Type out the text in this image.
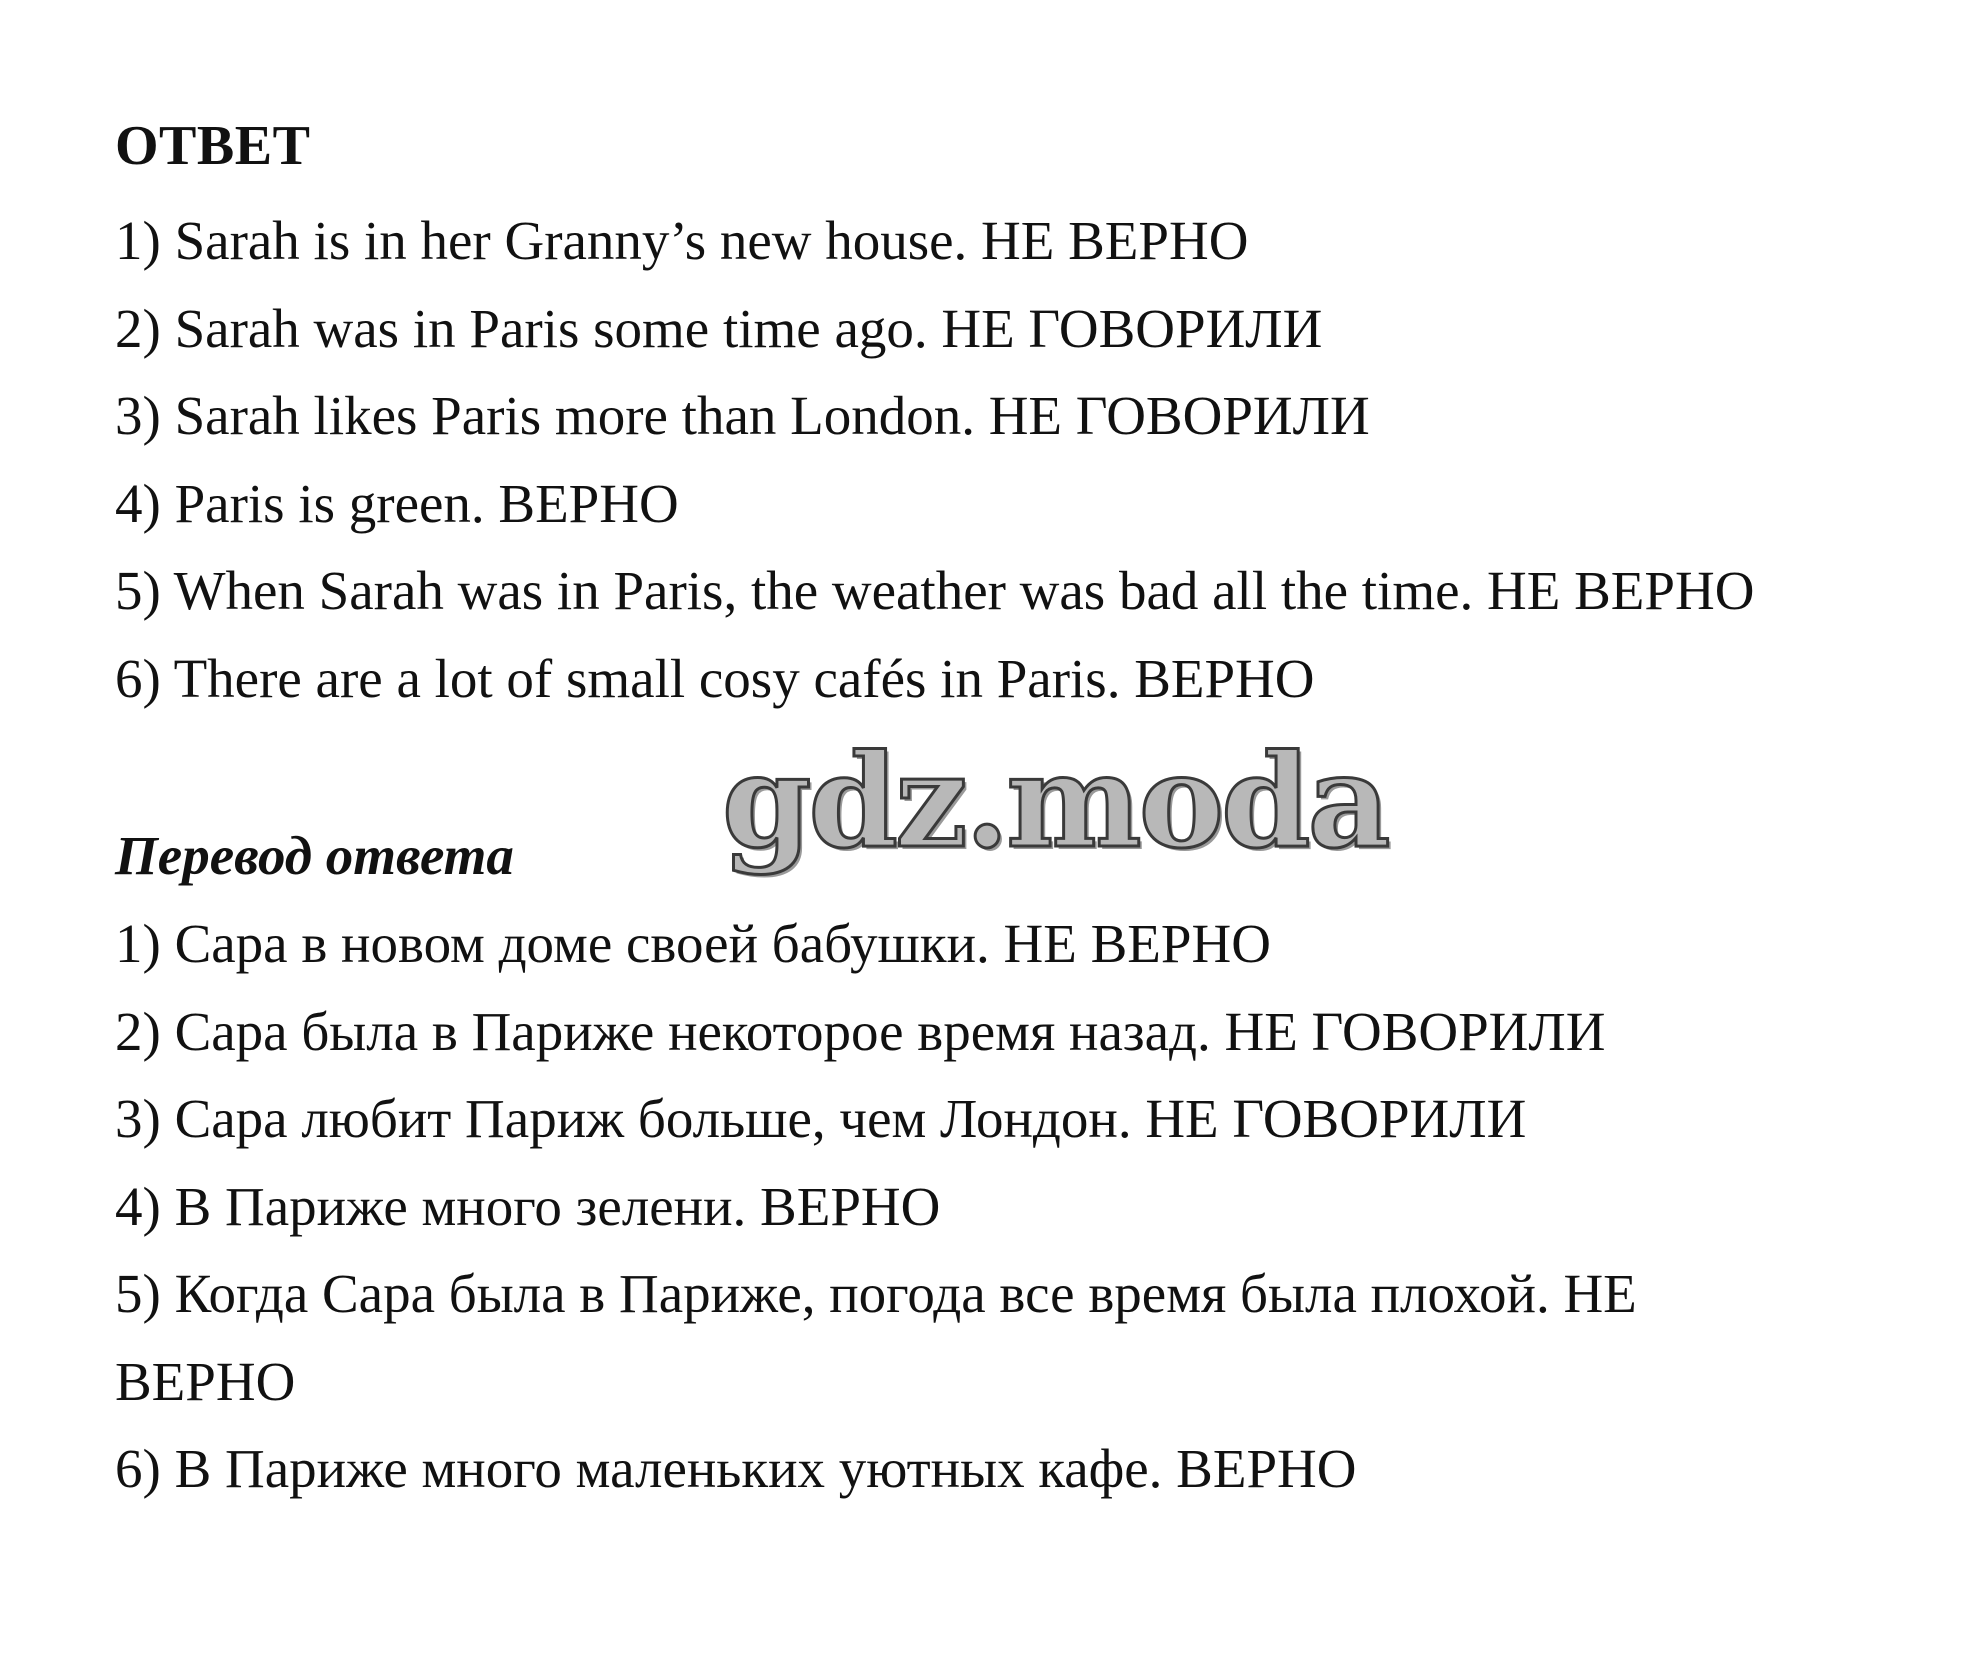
ОТВЕТ
1) Sarah is in her Granny’s new house. НЕ ВЕРНО
2) Sarah was in Paris some time ago. НЕ ГОВОРИЛИ
3) Sarah likes Paris more than London. НЕ ГОВОРИЛИ
4) Paris is green. ВЕРНО
5) When Sarah was in Paris, the weather was bad all the time. НЕ ВЕРНО
6) There are a lot of small cosy cafés in Paris. ВЕРНО
gdz.moda
Перевод ответа
1) Сара в новом доме своей бабушки. НЕ ВЕРНО
2) Сара была в Париже некоторое время назад. НЕ ГОВОРИЛИ
3) Сара любит Париж больше, чем Лондон. НЕ ГОВОРИЛИ
4) В Париже много зелени. ВЕРНО
5) Когда Сара была в Париже, погода все время была плохой. НЕ
ВЕРНО
6) В Париже много маленьких уютных кафе. ВЕРНО
